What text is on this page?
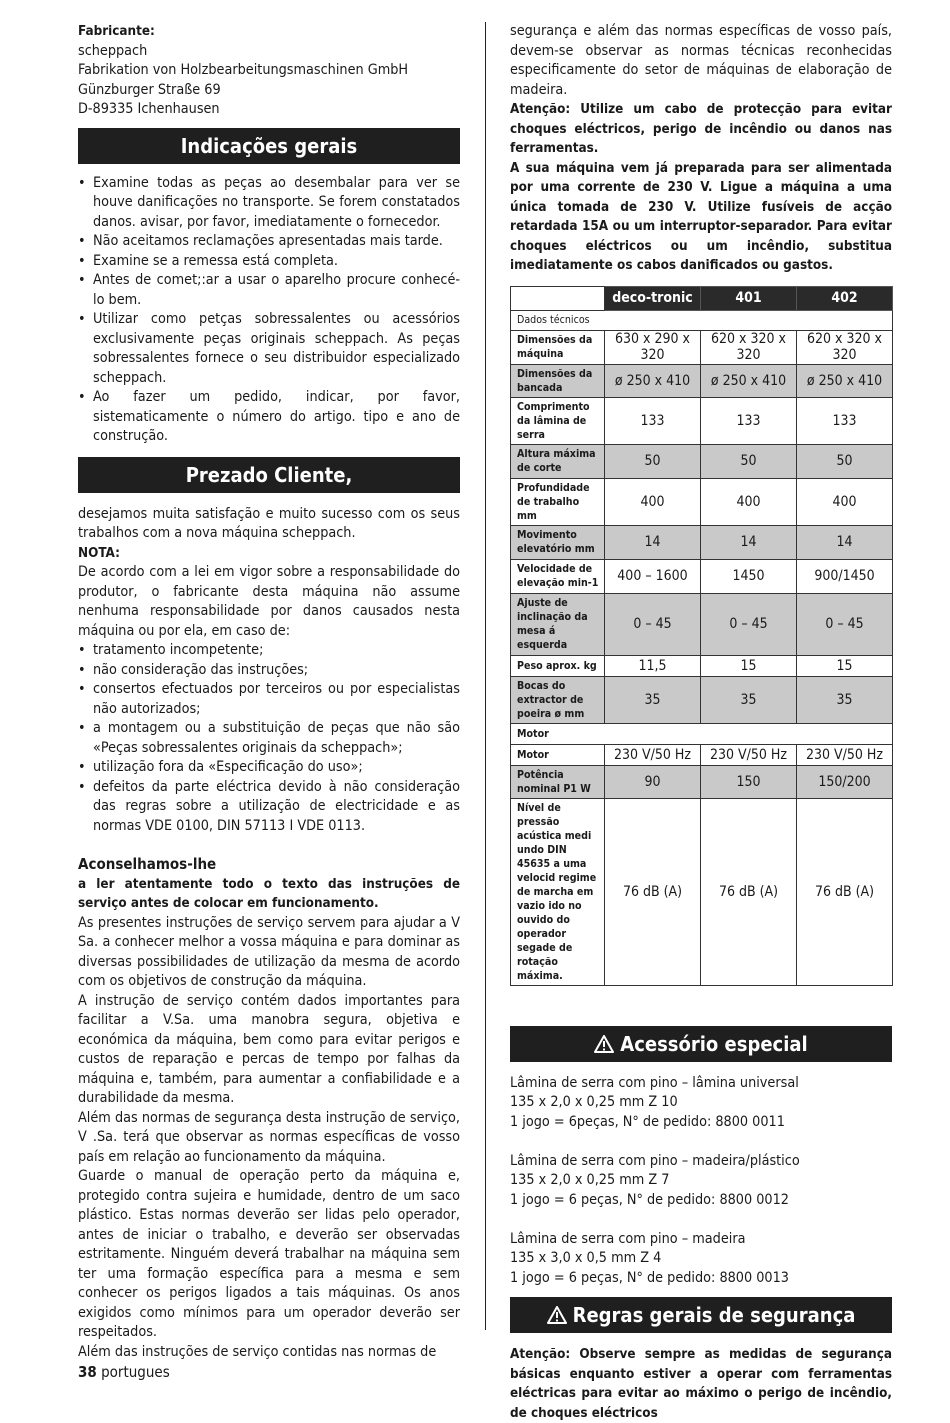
Fabricante:

scheppach

Fabrikation von Holzbearbeitungsmaschinen GmbH

Günzburger Straße 69

D-89335 Ichenhausen

Indicações gerais
• Examine todas as peças ao desembalar para ver se houve danificações no transporte. Se forem constatados danos. avisar, por favor, imediatamente o fornecedor.
• Não aceitamos reclamações apresentadas mais tarde.
• Examine se a remessa está completa.
• Antes de comet;:ar a usar o aparelho procure conhecé-lo bem.
• Utilizar como petças sobressalentes ou acessórios exclusivamente peças originais scheppach. As peças sobressalentes fornece o seu distribuidor especializado scheppach.
• Ao fazer um pedido, indicar, por favor, sistematicamente o número do artigo. tipo e ano de construção.
Prezado Cliente,

desejamos muita satisfação e muito sucesso com os seus trabalhos com a nova máquina scheppach.

NOTA:

De acordo com a lei em vigor sobre a responsabilidade do produtor, o fabricante desta máquina não assume nenhuma responsabilidade por danos causados nesta máquina ou por ela, em caso de:

• tratamento incompetente;
• não consideração das instruções;
• consertos efectuados por terceiros ou por especialistas não autorizados;
• a montagem ou a substituição de peças que não são «Peças sobressalentes originais da scheppach»;
• utilização fora da «Especificação do uso»;
• defeitos da parte eléctrica devido à não consideração das regras sobre a utilização de electricidade e as normas VDE 0100, DIN 57113 I VDE 0113.
Aconselhamos-lhe

a ler atentamente todo o texto das instruções de serviço antes de colocar em funcionamento.

As presentes instruções de serviço servem para ajudar a V Sa. a conhecer melhor a vossa máquina e para dominar as diversas possibilidades de utilização da mesma de acordo com os objetivos de construção da máquina.

A instrução de serviço contém dados importantes para facilitar a V.Sa. uma manobra segura, objetiva e económica da máquina, bem como para evitar perigos e custos de reparação e percas de tempo por falhas da máquina e, também, para aumentar a confiabilidade e a durabilidade da mesma.

Além das normas de segurança desta instrução de serviço, V .Sa. terá que observar as normas específicas de vosso país em relação ao funcionamento da máquina.

Guarde o manual de operação perto da máquina e, protegido contra sujeira e humidade, dentro de um saco plástico. Estas normas deverão ser lidas pelo operador, antes de iniciar o trabalho, e deverão ser observadas estritamente. Ninguém deverá trabalhar na máquina sem ter uma formação específica para a mesma e sem conhecer os perigos ligados a tais máquinas. Os anos exigidos como mínimos para um operador deverão ser respeitados.

Além das instruções de serviço contidas nas normas de

segurança e além das normas específicas de vosso país, devem-se observar as normas técnicas reconhecidas especificamente do setor de máquinas de elaboração de madeira.

Atenção: Utilize um cabo de protecção para evitar choques eléctricos, perigo de incêndio ou danos nas ferramentas.

A sua máquina vem já preparada para ser alimentada por uma corrente de 230 V. Ligue a máquina a uma única tomada de 230 V. Utilize fusíveis de acção retardada 15A ou um interruptor-separador. Para evitar choques eléctricos ou um incêndio, substitua imediatamente os cabos danificados ou gastos.

	deco-tronic	401	402
Dados técnicos			
Dimensões da máquina	630 x 290 x 320	620 x 320 x 320	620 x 320 x 320
Dimensões da bancada	ø 250 x 410	ø 250 x 410	ø 250 x 410
Comprimento da lâmina de serra	133	133	133
Altura máxima de corte	50	50	50
Profundidade de trabalho mm	400	400	400
Movimento elevatório mm	14	14	14
Velocidade de elevação min-1	400 – 1600	1450	900/1450
Ajuste de inclinação da mesa á esquerda	0 – 45	0 – 45	0 – 45
Peso aprox. kg	11,5	15	15
Bocas do extractor de poeira ø mm	35	35	35
Motor			
Motor	230 V/50 Hz	230 V/50 Hz	230 V/50 Hz
Potência nominal P1 W	90	150	150/200
Nível de pressão acústica medi undo DIN 45635 a uma velocid regime de marcha em vazio ido no ouvido do operador segade de rotação máxima.	76 dB (A)	76 dB (A)	76 dB (A)
Acessório especial

Lâmina de serra com pino – lâmina universal

135 x 2,0 x 0,25 mm Z 10

1 jogo = 6peças, N° de pedido: 8800 0011

Lâmina de serra com pino – madeira/plástico

135 x 2,0 x 0,25 mm Z 7

1 jogo = 6 peças, N° de pedido: 8800 0012

Lâmina de serra com pino – madeira

135 x 3,0 x 0,5 mm Z 4

1 jogo = 6 peças, N° de pedido: 8800 0013

Regras gerais de segurança

Atenção: Observe sempre as medidas de segurança básicas enquanto estiver a operar com ferramentas eléctricas para evitar ao máximo o perigo de incêndio, de choques eléctricos

38 portugues
